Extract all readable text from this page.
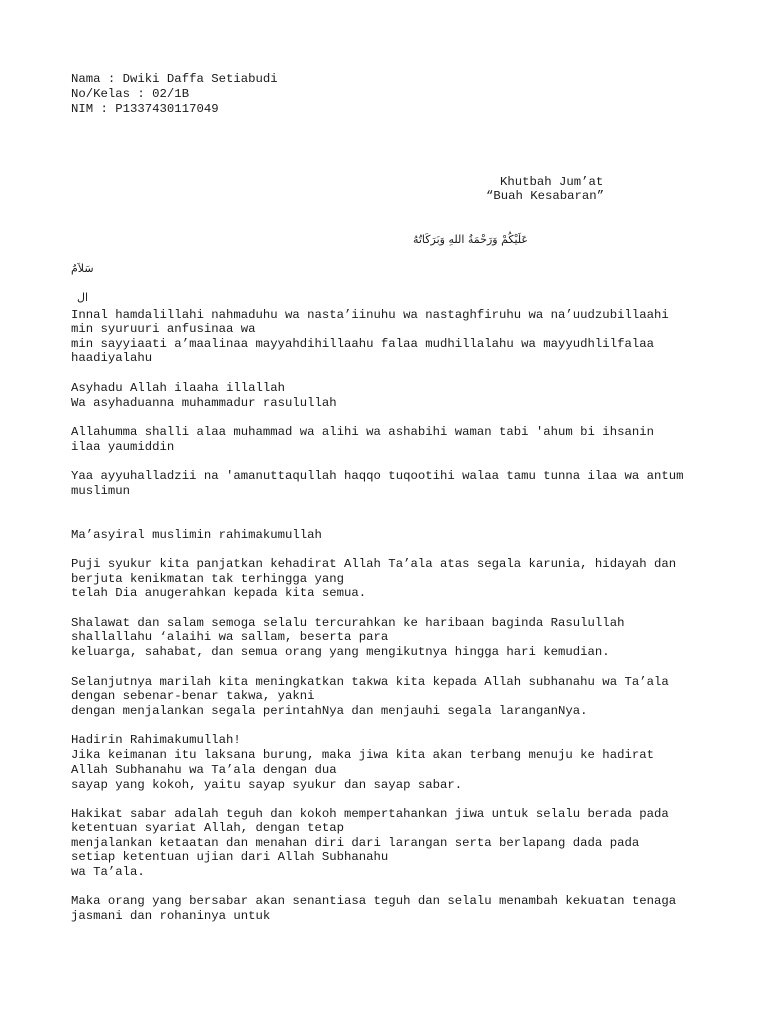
Nama : Dwiki Daffa Setiabudi
No/Kelas : 02/1B
NIM : P1337430117049
Khutbah Jum’at
“Buah Kesabaran”
عَلَيْكُمْ وَرَحْمَةُ اللهِ وَبَرَكَاتُهُ
سَلاَمُ
ال
Innal hamdalillahi nahmaduhu wa nasta’iinuhu wa nastaghfiruhu wa na’uudzubillaahi
min syuruuri anfusinaa wa
min sayyiaati a’maalinaa mayyahdihillaahu falaa mudhillalahu wa mayyudhlilfalaa
haadiyalahu
Asyhadu Allah ilaaha illallah
Wa asyhaduanna muhammadur rasulullah
Allahumma shalli alaa muhammad wa alihi wa ashabihi waman tabi 'ahum bi ihsanin
ilaa yaumiddin
Yaa ayyuhalladzii na 'amanuttaqullah haqqo tuqootihi walaa tamu tunna ilaa wa antum
muslimun
Ma’asyiral muslimin rahimakumullah
Puji syukur kita panjatkan kehadirat Allah Ta’ala atas segala karunia, hidayah dan
berjuta kenikmatan tak terhingga yang
telah Dia anugerahkan kepada kita semua.
Shalawat dan salam semoga selalu tercurahkan ke haribaan baginda Rasulullah
shallallahu ‘alaihi wa sallam, beserta para
keluarga, sahabat, dan semua orang yang mengikutnya hingga hari kemudian.
Selanjutnya marilah kita meningkatkan takwa kita kepada Allah subhanahu wa Ta’ala
dengan sebenar-benar takwa, yakni
dengan menjalankan segala perintahNya dan menjauhi segala laranganNya.
Hadirin Rahimakumullah!
Jika keimanan itu laksana burung, maka jiwa kita akan terbang menuju ke hadirat
Allah Subhanahu wa Ta’ala dengan dua
sayap yang kokoh, yaitu sayap syukur dan sayap sabar.
Hakikat sabar adalah teguh dan kokoh mempertahankan jiwa untuk selalu berada pada
ketentuan syariat Allah, dengan tetap
menjalankan ketaatan dan menahan diri dari larangan serta berlapang dada pada
setiap ketentuan ujian dari Allah Subhanahu
wa Ta’ala.
Maka orang yang bersabar akan senantiasa teguh dan selalu menambah kekuatan tenaga
jasmani dan rohaninya untuk
